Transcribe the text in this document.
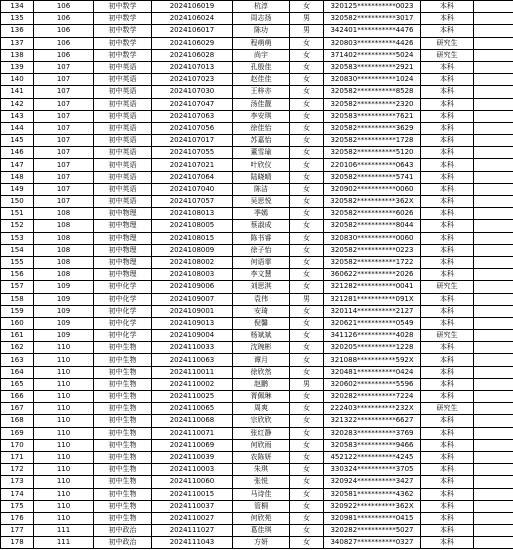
134	106	初中数学	2024106019	杭淳	女	320125***********0023	本科	
135	106	初中数学	2024106024	周志扬	男	320582***********3017	本科	
136	106	初中数学	2024106017	陈功	男	342401***********4476	本科	
137	106	初中数学	2024106029	程萌萌	女	320803***********4426	研究生	
138	106	初中数学	2024106028	尚宇	女	371402***********5024	研究生	
139	107	初中英语	2024107013	孔殷佳	女	320583***********2921	本科	
140	107	初中英语	2024107023	赵佳佳	女	320830***********1024	本科	
141	107	初中英语	2024107030	王梓亦	女	320582***********8528	本科	
142	107	初中英语	2024107047	汤佳靓	女	320582***********2320	本科	
143	107	初中英语	2024107063	李安琪	女	320583***********7621	本科	
144	107	初中英语	2024107056	徐佳怡	女	320582***********3629	本科	
145	107	初中英语	2024107017	苏嘉怡	女	320582***********1728	本科	
146	107	初中英语	2024107055	董雪瑜	女	320582***********5120	本科	
147	107	初中英语	2024107021	叶欣仪	女	220106***********0643	本科	
148	107	初中英语	2024107064	陆晓晴	女	320582***********5741	本科	
149	107	初中英语	2024107040	陈洁	女	320902***********0060	本科	
150	107	初中英语	2024107057	吴思悦	女	320582***********362X	本科	
151	108	初中物理	2024108013	季嫣	女	320582***********6026	本科	
152	108	初中物理	2024108005	蔡淑成	女	320582***********8044	本科	
153	108	初中物理	2024108015	陈书睿	女	320830***********0060	本科	
154	108	初中物理	2024108009	徐子怡	女	320582***********0223	本科	
155	108	初中物理	2024108002	何语霏	女	320582***********1722	本科	
156	108	初中物理	2024108003	李文慧	女	360622***********2026	本科	
157	109	初中化学	2024109006	刘思淇	女	321282***********0041	研究生	
158	109	初中化学	2024109007	袁伟	男	321281***********091X	本科	
159	109	初中化学	2024109001	安琦	女	320114***********2127	本科	
160	109	初中化学	2024109013	倪馨	女	320621***********0549	本科	
161	109	初中化学	2024109004	杨斌斌	女	341126***********4028	研究生	
162	110	初中生物	2024110033	沈琬彬	女	320205***********1228	本科	
163	110	初中生物	2024110063	谭月	女	321088***********592X	本科	
164	110	初中生物	2024110011	徐欣然	女	320481***********0424	本科	
165	110	初中生物	2024110002	赵鹏	男	320602***********5596	本科	
166	110	初中生物	2024110025	胥佩琳	女	320282***********7224	本科	
167	110	初中生物	2024110065	周爽	女	222403***********232X	研究生	
168	110	初中生物	2024110068	宗欣欣	女	321322***********6627	本科	
169	110	初中生物	2024110071	张红静	女	320283***********3769	本科	
170	110	初中生物	2024110069	何欣雨	女	320583***********9466	本科	
171	110	初中生物	2024110039	农陈妍	女	452122***********4245	本科	
172	110	初中生物	2024110003	朱琪	女	330324***********3705	本科	
173	110	初中生物	2024110060	张悦	女	320924***********3427	本科	
174	110	初中生物	2024110015	马诗佳	女	320581***********4362	本科	
175	110	初中生物	2024110037	管桐	女	320922***********362X	本科	
176	110	初中生物	2024110027	何欣苑	女	320981***********0415	本科	
177	111	初中政治	2024111027	葛佳琪	女	320282***********5027	本科	
178	111	初中政治	2024111043	方妍	女	340827***********0327	本科	
